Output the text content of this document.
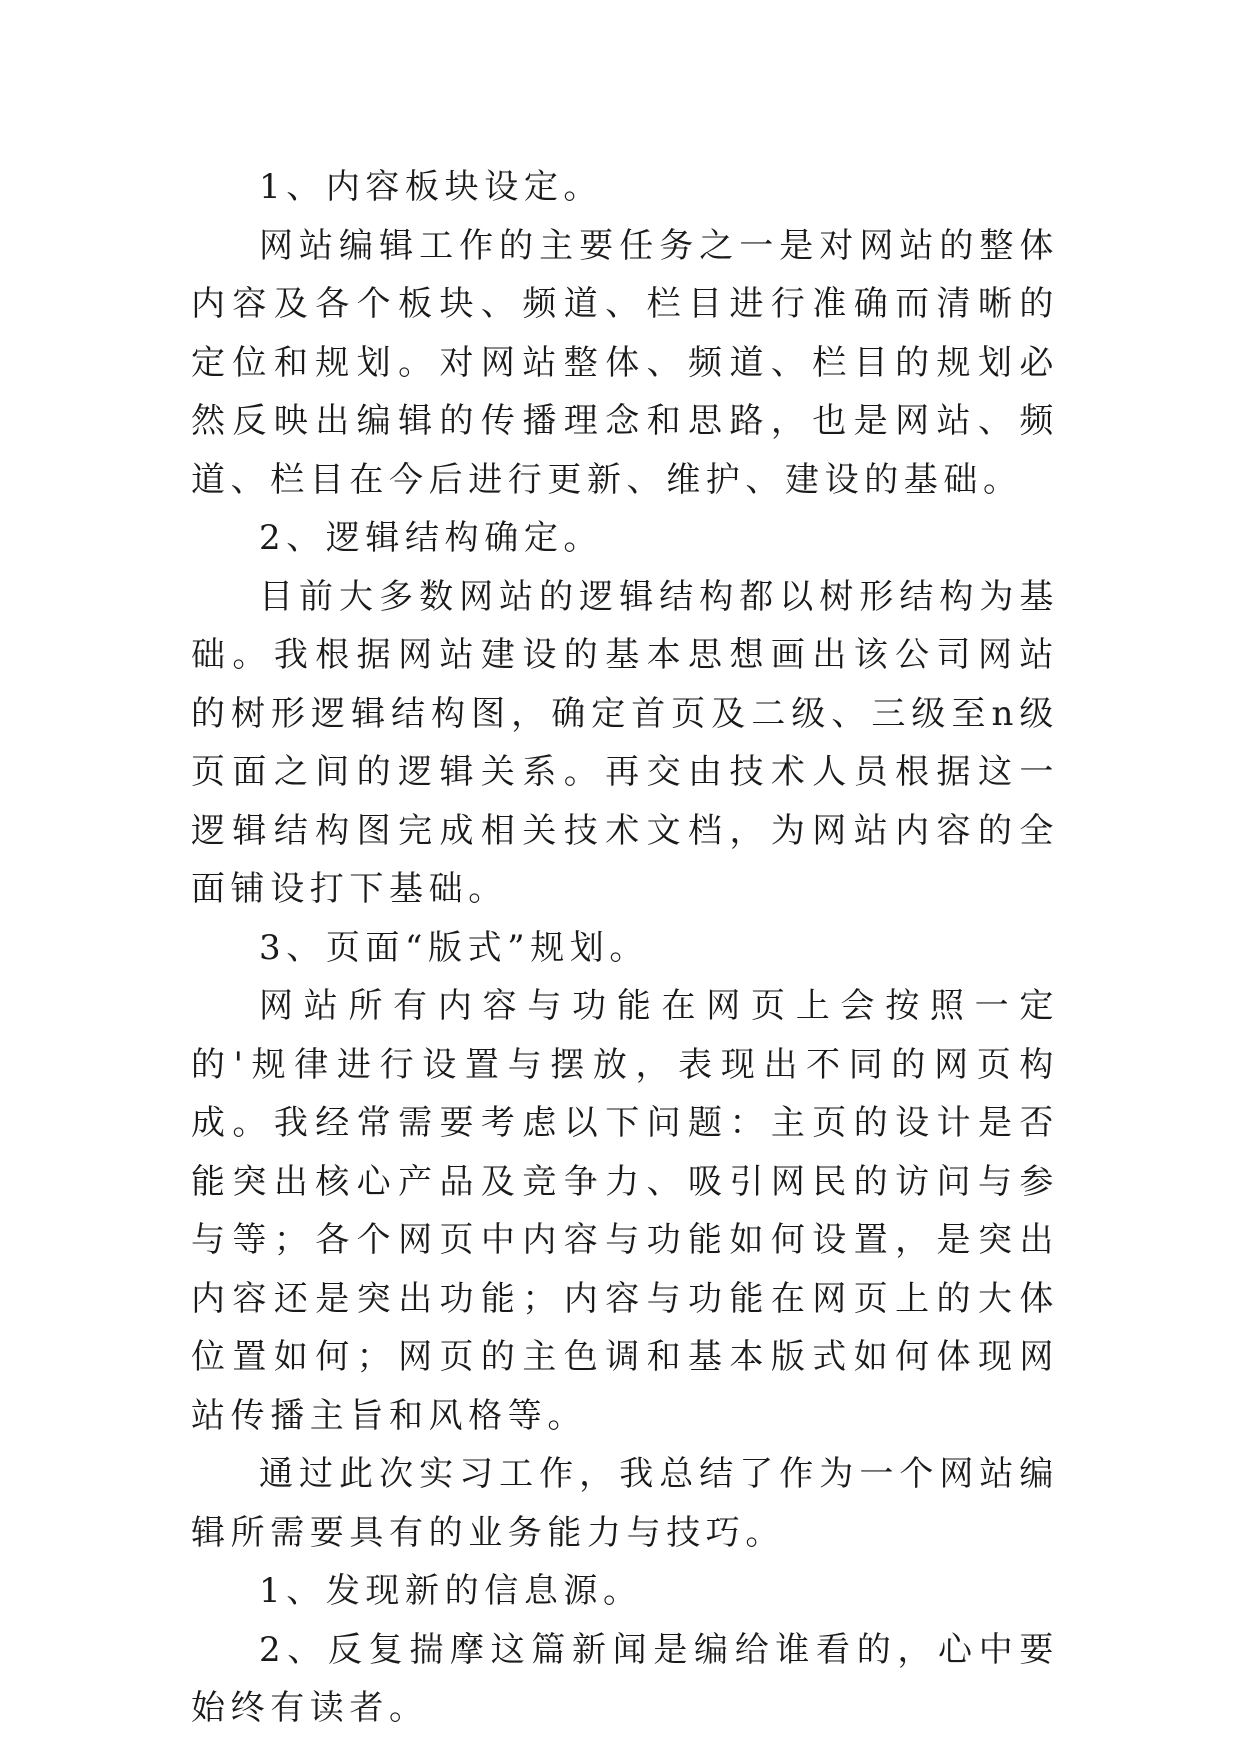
1、内容板块设定。

网站编辑工作的主要任务之一是对网站的整体内容及各个板块、频道、栏目进行准确而清晰的定位和规划。对网站整体、频道、栏目的规划必然反映出编辑的传播理念和思路，也是网站、频道、栏目在今后进行更新、维护、建设的基础。

2、逻辑结构确定。

目前大多数网站的逻辑结构都以树形结构为基础。我根据网站建设的基本思想画出该公司网站的树形逻辑结构图，确定首页及二级、三级至n级页面之间的逻辑关系。再交由技术人员根据这一逻辑结构图完成相关技术文档，为网站内容的全面铺设打下基础。

3、页面“版式”规划。

网站所有内容与功能在网页上会按照一定的'规律进行设置与摆放，表现出不同的网页构成。我经常需要考虑以下问题：主页的设计是否能突出核心产品及竞争力、吸引网民的访问与参与等；各个网页中内容与功能如何设置，是突出内容还是突出功能；内容与功能在网页上的大体位置如何；网页的主色调和基本版式如何体现网站传播主旨和风格等。

通过此次实习工作，我总结了作为一个网站编辑所需要具有的业务能力与技巧。

1、发现新的信息源。

2、反复揣摩这篇新闻是编给谁看的，心中要始终有读者。
